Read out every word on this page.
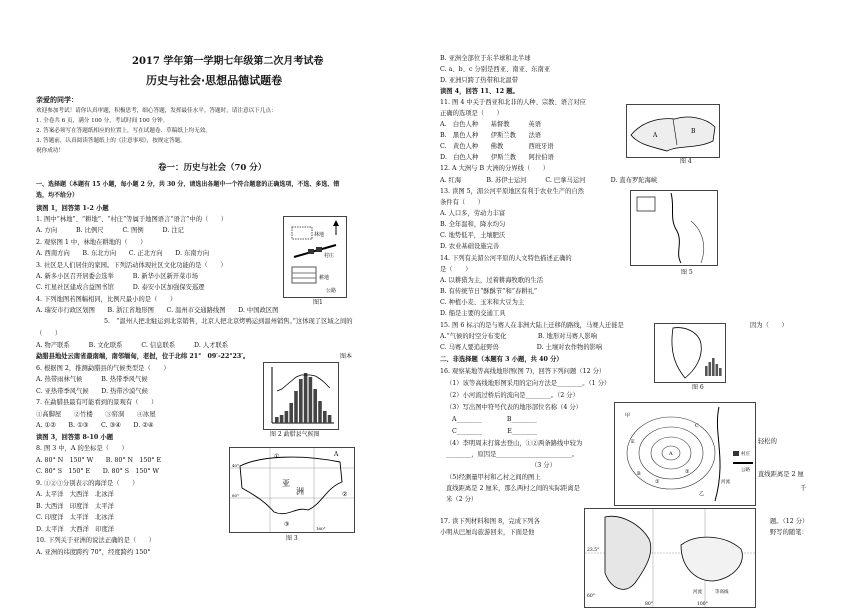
2017 学年第一学期七年级第二次月考试卷
历史与社会·思想品德试题卷
亲爱的同学：
欢迎参加考试！请你认真审题，积极思考，细心答题，发挥最佳水平。答题时，请注意以下几点：
1. 全卷共 6 页，满分 100 分，考试时间 100 分钟。
2. 答案必须写在答题纸相应的位置上，写在试题卷、草稿纸上均无效。
3. 答题前，认真阅读答题纸上的《注意事项》，按规定答题。
祝你成功！
卷一：历史与社会（70 分）
一、选择题（本题有 15 小题，每小题 2 分，共 30 分，请选出各题中一个符合题意的正确选项，不选、多选、错
选，均不给分）
读图 1，回答第 1-2 小题
1. 图中“林地”、“耕地”、“村庄”等属于地图语言“语言”中的（　　）
A. 方向　　　B. 比例尺　　　C. 图例　　　D. 注记
2. 观察图 1 中，林地在耕地的（　　）
A. 西南方向　　B. 东北方向　　C. 正北方向　　D. 东南方向
3. 社区是人们居住的家园。下列活动体现社区文化功能的是（　　）
A. 新多小区召开居委会选举　　　B. 新华小区新开菜市场
C. 红星社区建成合益图书馆　　　D. 泰安小区加强保安巡逻
4. 下列地图若图幅相同，比例尺最小的是（　　）
A. 瑞安市行政区划图　　B. 浙江省地形图　　C. 温州市交通路线图　　D. 中国政区图
5.　“温州人把北駐运到北京销售，北京人把北京烤鸭运到温州销售。”这体现了区域之间的
（　　）
A. 物产联系　　　B. 文化联系　　　C. 信息联系　　　D. 人才联系
勐腊县地处云南省最南端，南邻缅甸，老挝，位于北纬 21°　09′-22°23′。
6. 根据图 2，推测勐腊县的气候类型是（　　）
A. 热带雨林气候　　　B. 热带季风气候
C. 亚热带季风气候　　D. 热带沙漠气候
7. 在勐腊县最有可能看到的景观有（　　）
①高脚屋　　②竹楼　　③窑洞　　④冰屋
A. ①②　　B. ①③　　C. ③④　　D. ②④
读图 3，回答第 8-10 小题
8. 图 3 中，A 的坐标是（　　）
A. 80° N　150° W　　B. 80° N　150° E
C. 80° S　150° E　　D. 80° S　150° W
9. ①②③分别表示的海洋是（　　）
A. 太平洋　大西洋　北冰洋
B. 大西洋　印度洋　太平洋
C. 印度洋　太平洋　北冰洋
D. 太平洋　大西洋　印度洋
10. 下列关于亚洲的说法正确的是（　　）
A. 亚洲的纬度跨约 70°，经度跨约 150°
林地
村庄
耕地
公路
图1
图本
图 2 勐腊县气候图
亚
洲
A
①
②
③
40°
80°
160°
图 3
B. 亚洲全部位于东半球和北半球
C. a、b、c 分别是西亚、南亚、东南亚
D. 亚洲只跨了热带和北温带
读图 4，回答 11、12 题。
11. 图 4 中关于西亚和北非的人种、宗教、语言对应
正确的选项是（　　）
A.　白色人种　　基督教　　　英语
B.　黑色人种　　伊斯兰教　　法语
C.　黄色人种　　佛教　　　　西班牙语
D.　白色人种　　伊斯兰教　　阿拉伯语
12. A 大洲与 B 大洲的分界线（　　）
A. 红海　　　　B. 苏伊士运河　　　C. 巴拿马运河　　　　D. 直布罗陀海峡
13. 读图 5，湄公河平原地区有利于农业生产的自然
条件有（　　）
A. 人口多，劳动力丰富
B. 全年温和，降水均匀
C. 地势低平，土壤肥沃
D. 农业基础设施完善
14. 下列有关湄公河平原的人文特色描述正确的
是（　　）
A. 以耕猎为主，过着耕海牧歌的生活
B. 有传统节日“酥酥节”和“春耕礼”
C. 种植小麦、玉米和大豆为主
D. 船是主要的交通工具
15. 图 6 标示的是与赛人在非洲大陆上迁移的路线，马赛人迁徙是	因为（　　）
A.“气候的时空分布变化　　　　　B. 地形对马赛人影响
C. 马赛人要追赶野兽　　　　　　D. 土壤对农作物的影响
二、非选择题（本题有 3 小题，共 40 分）
16. 观察某地等高线地形图(图 7)，回答下列问题（12 分）
（1）该等高线地形图采用的定向方法是________。（1 分）
（2）小河流过桥后的流向是________。（2 分）
（3）写出图中符号代表的地形部位名称（4 分）
A________　　　　B________
C________　　　　E________
（4）李明周末打算去登山，①②两条路线中较为
________，原因是________________________。
　　　　　　　　　　　　　　（3 分）
（5)经测量甲村和乙村之间的图上
直线距离是 2 厘米，那么两村之间的实际距离是
米（2 分）
17. 读下列材料和图 8，完成下列各
小明从巴厘岛旅游回来，下面是他
轻松的
直线距离是 2 厘
千
题。（12 分）
野写的随笔：
A
B
图 4
图 5
图 6
甲
乙
村庄
公路
河流
A
B
C
E
①
②
23.5°
80°	100°
60°
河流	等高线
